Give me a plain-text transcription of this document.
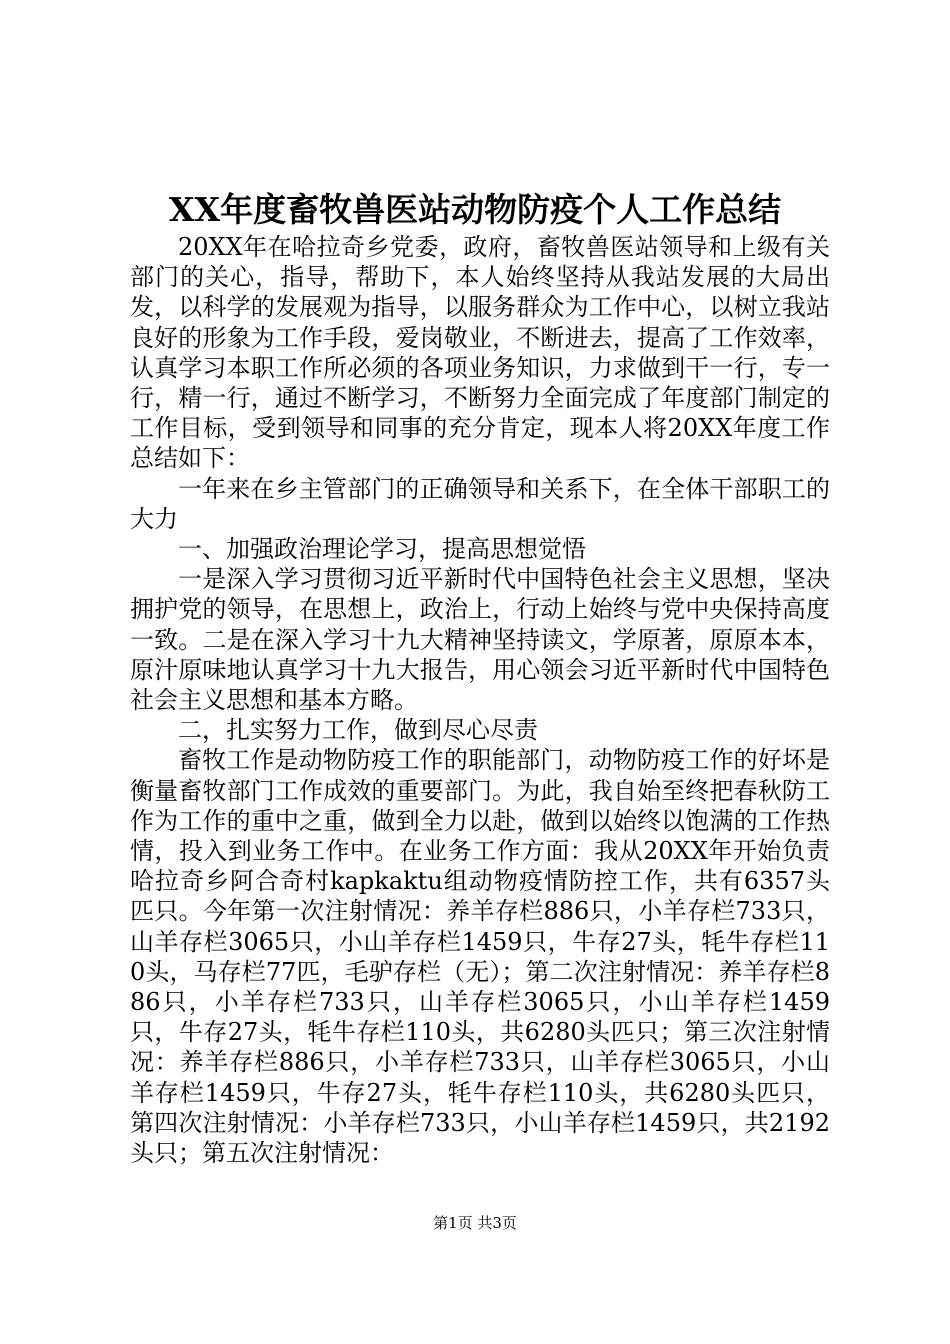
XX年度畜牧兽医站动物防疫个人工作总结

20XX年在哈拉奇乡党委，政府，畜牧兽医站领导和上级有关部门的关心，指导，帮助下，本人始终坚持从我站发展的大局出发，以科学的发展观为指导，以服务群众为工作中心，以树立我站良好的形象为工作手段，爱岗敬业，不断进去，提高了工作效率，认真学习本职工作所必须的各项业务知识，力求做到干一行，专一行，精一行，通过不断学习，不断努力全面完成了年度部门制定的工作目标，受到领导和同事的充分肯定，现本人将20XX年度工作总结如下：

一年来在乡主管部门的正确领导和关系下，在全体干部职工的大力

一、加强政治理论学习，提高思想觉悟

一是深入学习贯彻习近平新时代中国特色社会主义思想，坚决拥护党的领导，在思想上，政治上，行动上始终与党中央保持高度一致。二是在深入学习十九大精神坚持读文，学原著，原原本本，原汁原味地认真学习十九大报告，用心领会习近平新时代中国特色社会主义思想和基本方略。

二，扎实努力工作，做到尽心尽责

畜牧工作是动物防疫工作的职能部门，动物防疫工作的好坏是衡量畜牧部门工作成效的重要部门。为此，我自始至终把春秋防工作为工作的重中之重，做到全力以赴，做到以始终以饱满的工作热情，投入到业务工作中。在业务工作方面：我从20XX年开始负责哈拉奇乡阿合奇村kapkaktu组动物疫情防控工作，共有6357头匹只。今年第一次注射情况：养羊存栏886只，小羊存栏733只，山羊存栏3065只，小山羊存栏1459只，牛存27头，牦牛存栏110头，马存栏77匹，毛驴存栏（无）；第二次注射情况：养羊存栏886只，小羊存栏733只，山羊存栏3065只，小山羊存栏1459只，牛存27头，牦牛存栏110头，共6280头匹只；第三次注射情况：养羊存栏886只，小羊存栏733只，山羊存栏3065只，小山羊存栏1459只，牛存27头，牦牛存栏110头，共6280头匹只，第四次注射情况：小羊存栏733只，小山羊存栏1459只，共2192头只；第五次注射情况：

第1页 共3页
